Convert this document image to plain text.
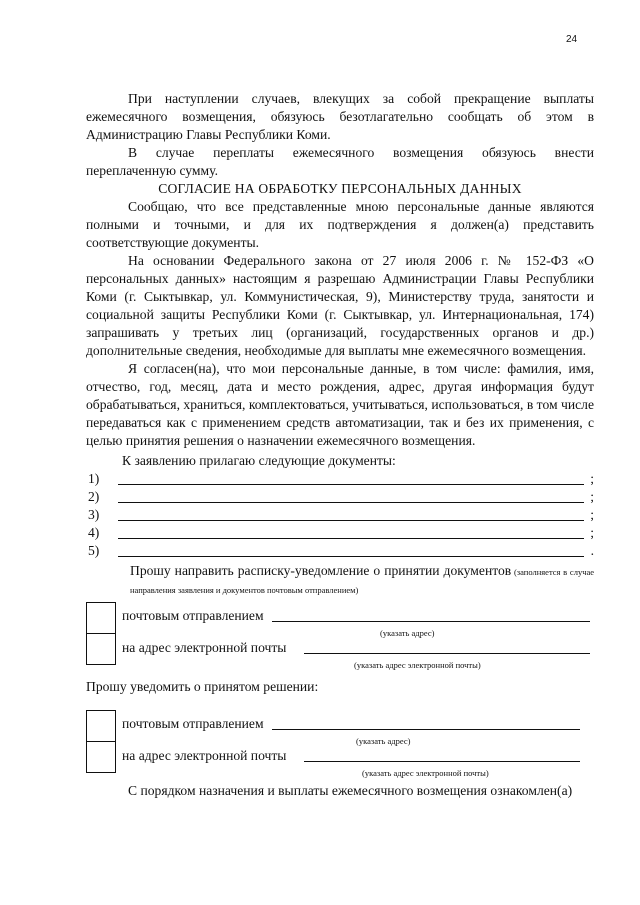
24

При наступлении случаев, влекущих за собой прекращение выплаты ежемесячного возмещения, обязуюсь безотлагательно сообщать об этом в Администрацию Главы Республики Коми.

В случае переплаты ежемесячного возмещения обязуюсь внести переплаченную сумму.

СОГЛАСИЕ НА ОБРАБОТКУ ПЕРСОНАЛЬНЫХ ДАННЫХ

Сообщаю, что все представленные мною персональные данные являются полными и точными, и для их подтверждения я должен(а) представить соответствующие документы.

На основании Федерального закона от 27 июля 2006 г. № 152-ФЗ «О персональных данных» настоящим я разрешаю Администрации Главы Республики Коми (г. Сыктывкар, ул. Коммунистическая, 9), Министерству труда, занятости и социальной защиты Республики Коми (г. Сыктывкар, ул. Интернациональная, 174) запрашивать у третьих лиц (организаций, государственных органов и др.) дополнительные сведения, необходимые для выплаты мне ежемесячного возмещения.

Я согласен(на), что мои персональные данные, в том числе: фамилия, имя, отчество, год, месяц, дата и место рождения, адрес, другая информация будут обрабатываться, храниться, комплектоваться, учитываться, использоваться, в том числе передаваться как с применением средств автоматизации, так и без их применения, с целью принятия решения о назначении ежемесячного возмещения.

К заявлению прилагаю следующие документы:

1)	;
2)	;
3)	;
4)	;
5)	.
Прошу направить расписку-уведомление о принятии документов (заполняется в случае направления заявления и документов почтовым отправлением)
почтовым отправлением
(указать адрес)
на адрес электронной почты
(указать адрес электронной почты)

Прошу уведомить о принятом решении:

почтовым отправлением
(указать адрес)
на адрес электронной почты
(указать адрес электронной почты)

С порядком назначения и выплаты ежемесячного возмещения ознакомлен(а)
